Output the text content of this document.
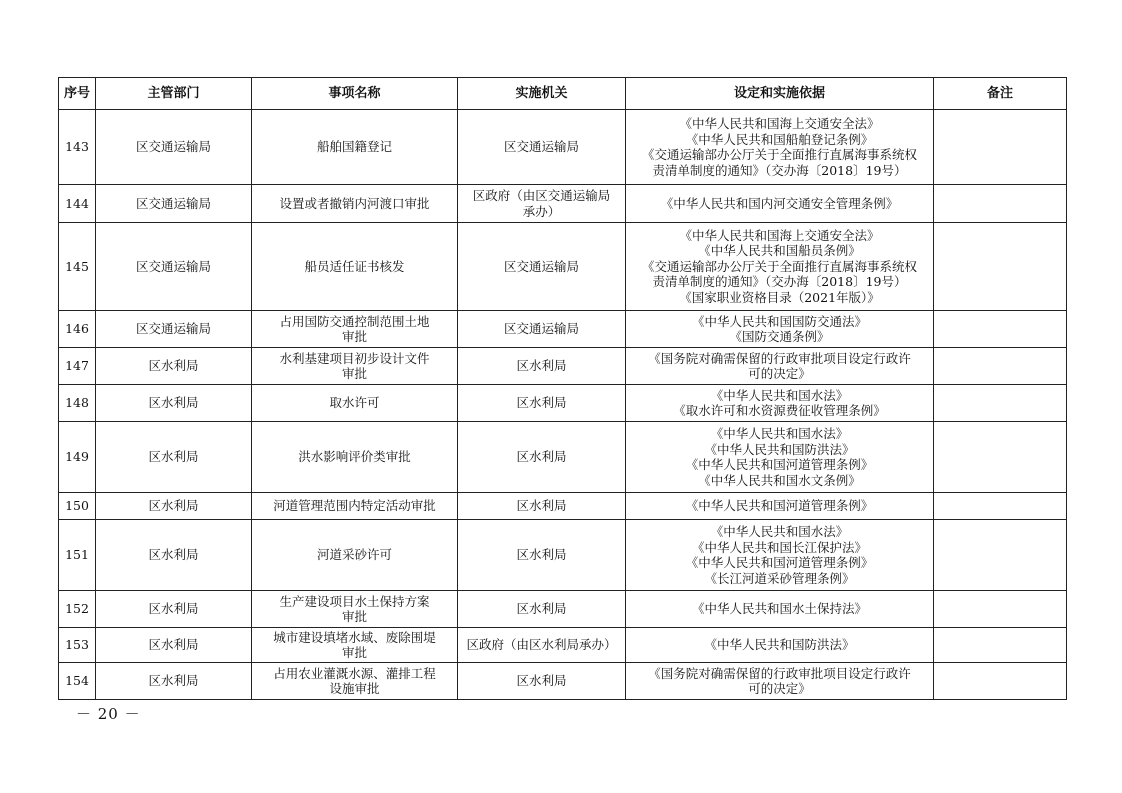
序号	主管部门	事项名称	实施机关	设定和实施依据	备注
143	区交通运输局	船舶国籍登记	区交通运输局	《中华人民共和国海上交通安全法》
《中华人民共和国船舶登记条例》
《交通运输部办公厅关于全面推行直属海事系统权
责清单制度的通知》（交办海〔2018〕19号）	
144	区交通运输局	设置或者撤销内河渡口审批	区政府（由区交通运输局
承办）	《中华人民共和国内河交通安全管理条例》	
145	区交通运输局	船员适任证书核发	区交通运输局	《中华人民共和国海上交通安全法》
《中华人民共和国船员条例》
《交通运输部办公厅关于全面推行直属海事系统权
责清单制度的通知》（交办海〔2018〕19号）
《国家职业资格目录（2021年版）》	
146	区交通运输局	占用国防交通控制范围土地
审批	区交通运输局	《中华人民共和国国防交通法》
《国防交通条例》	
147	区水利局	水利基建项目初步设计文件
审批	区水利局	《国务院对确需保留的行政审批项目设定行政许
可的决定》	
148	区水利局	取水许可	区水利局	《中华人民共和国水法》
《取水许可和水资源费征收管理条例》	
149	区水利局	洪水影响评价类审批	区水利局	《中华人民共和国水法》
《中华人民共和国防洪法》
《中华人民共和国河道管理条例》
《中华人民共和国水文条例》	
150	区水利局	河道管理范围内特定活动审批	区水利局	《中华人民共和国河道管理条例》	
151	区水利局	河道采砂许可	区水利局	《中华人民共和国水法》
《中华人民共和国长江保护法》
《中华人民共和国河道管理条例》
《长江河道采砂管理条例》	
152	区水利局	生产建设项目水土保持方案
审批	区水利局	《中华人民共和国水土保持法》	
153	区水利局	城市建设填堵水域、废除围堤
审批	区政府（由区水利局承办）	《中华人民共和国防洪法》	
154	区水利局	占用农业灌溉水源、灌排工程
设施审批	区水利局	《国务院对确需保留的行政审批项目设定行政许
可的决定》	
－ 20 －
